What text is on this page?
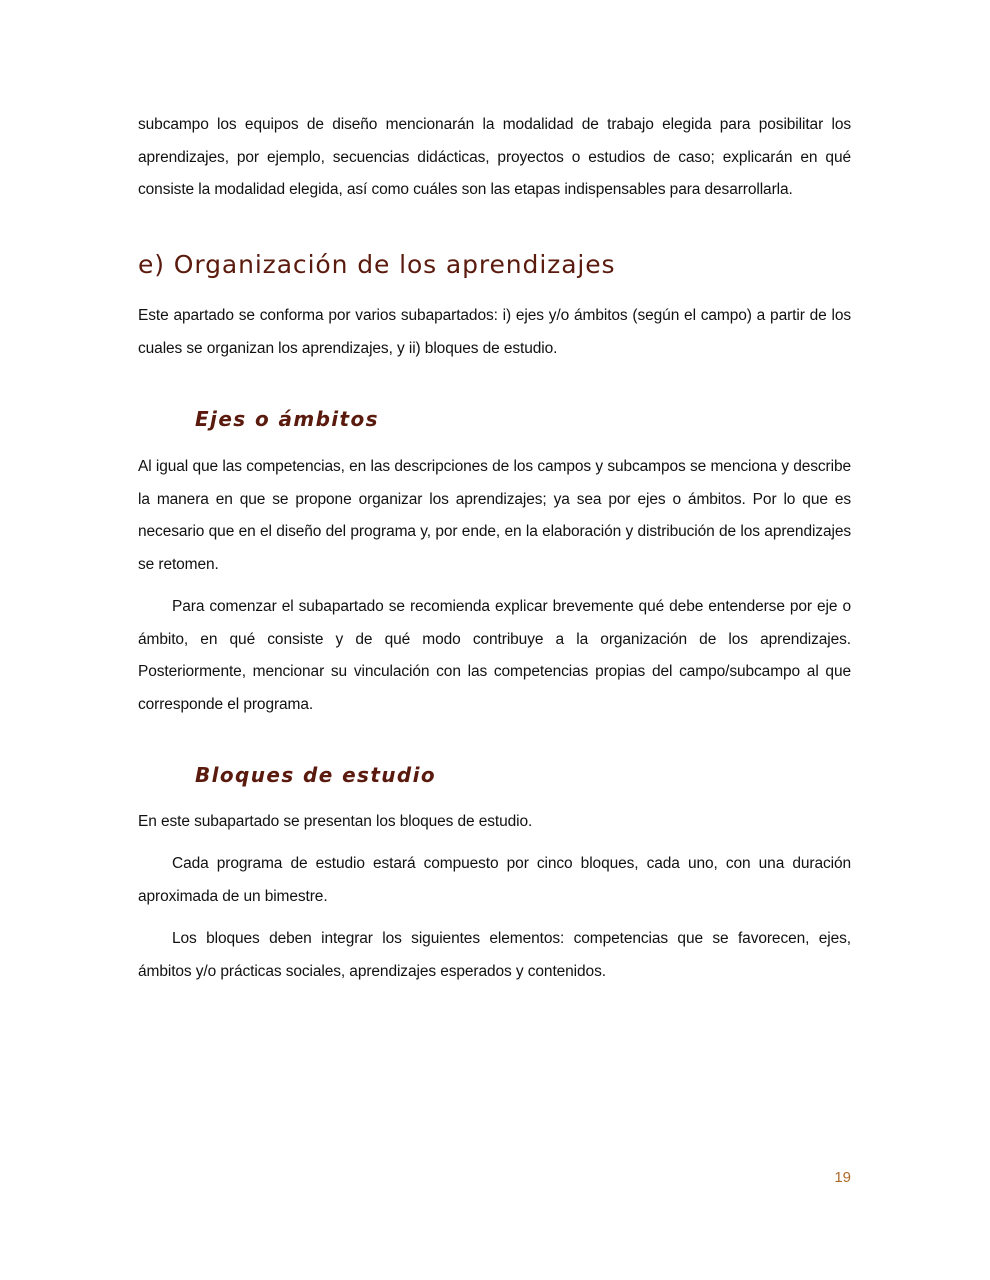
subcampo los equipos de diseño mencionarán la modalidad de trabajo elegida para posibilitar los aprendizajes, por ejemplo, secuencias didácticas, proyectos o estudios de caso; explicarán en qué consiste la modalidad elegida, así como cuáles son las etapas indispensables para desarrollarla.

e) Organización de los aprendizajes

Este apartado se conforma por varios subapartados: i) ejes y/o ámbitos (según el campo) a partir de los cuales se organizan los aprendizajes, y ii) bloques de estudio.

Ejes o ámbitos

Al igual que las competencias, en las descripciones de los campos y subcampos se menciona y describe la manera en que se propone organizar los aprendizajes; ya sea por ejes o ámbitos. Por lo que es necesario que en el diseño del programa y, por ende, en la elaboración y distribución de los aprendizajes se retomen.

Para comenzar el subapartado se recomienda explicar brevemente qué debe entenderse por eje o ámbito, en qué consiste y de qué modo contribuye a la organización de los aprendizajes. Posteriormente, mencionar su vinculación con las competencias propias del campo/subcampo al que corresponde el programa.

Bloques de estudio

En este subapartado se presentan los bloques de estudio.

Cada programa de estudio estará compuesto por cinco bloques, cada uno, con una duración aproximada de un bimestre.

Los bloques deben integrar los siguientes elementos: competencias que se favorecen, ejes, ámbitos y/o prácticas sociales, aprendizajes esperados y contenidos.

19
